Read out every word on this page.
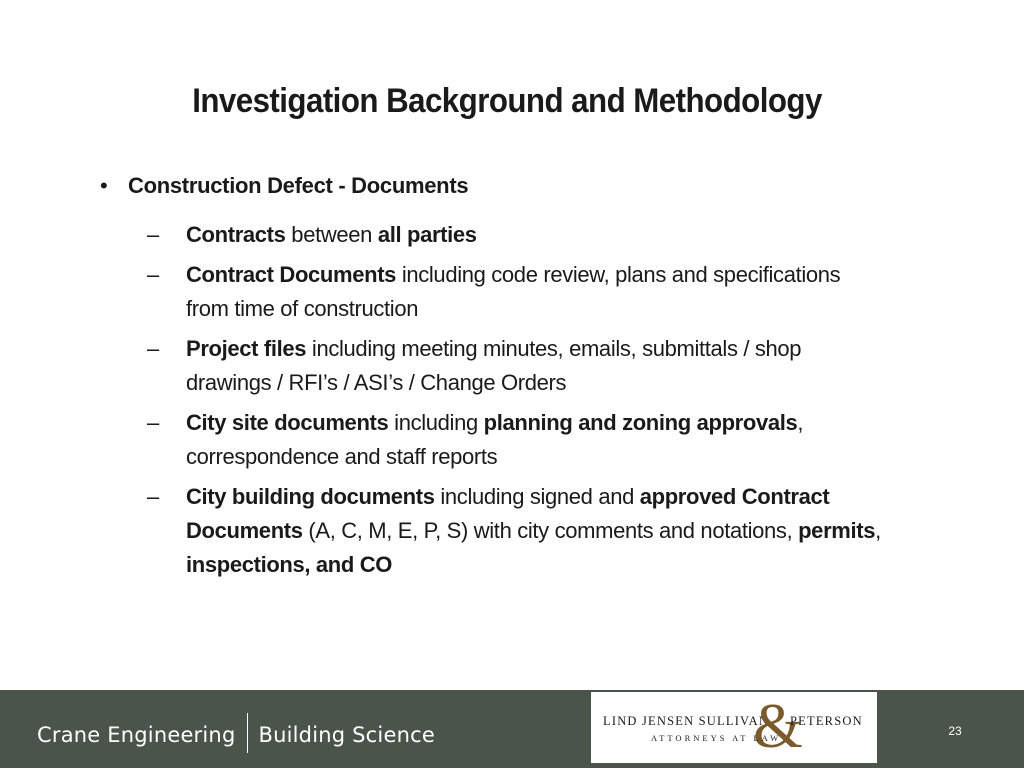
Investigation Background and Methodology
• Construction Defect - Documents
–	Contracts between all parties
–	Contract Documents including code review, plans and specifications from time of construction
–	Project files including meeting minutes, emails, submittals / shop drawings / RFI’s / ASI’s / Change Orders
–	City site documents including planning and zoning approvals, correspondence and staff reports
–	City building documents including signed and approved Contract Documents (A, C, M, E, P, S) with city comments and notations, permits, inspections, and CO
Crane Engineering Building Science
LIND JENSEN SULLIVAN
&
PETERSON
ATTORNEYS AT LAW	23
